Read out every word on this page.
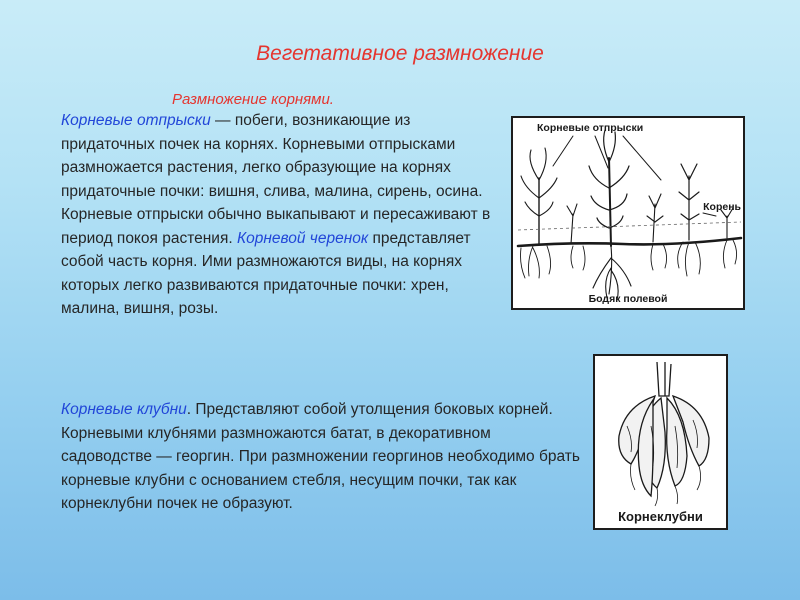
Вегетативное размножение
Размножение корнями.
Корневые отпрыски — побеги, возникающие из придаточных почек на корнях. Корневыми отпрысками размножается растения, легко образующие на корнях придаточные почки: вишня, слива, малина, сирень, осина. Корневые отпрыски обычно выкапывают и пересаживают в период покоя растения. Корневой черенок представляет собой часть корня. Ими размножаются виды, на корнях которых легко развиваются придаточные почки: хрен, малина, вишня, розы.
Корневые клубни. Представляют собой утолщения боковых корней. Корневыми клубнями размножаются батат, в декоративном садоводстве — георгин. При размножении георгинов необходимо брать корневые клубни с основанием стебля, несущим почки, так как корнеклубни почек не образуют.
Корневые отпрыски
Корень
Бодяк полевой
Корнеклубни
